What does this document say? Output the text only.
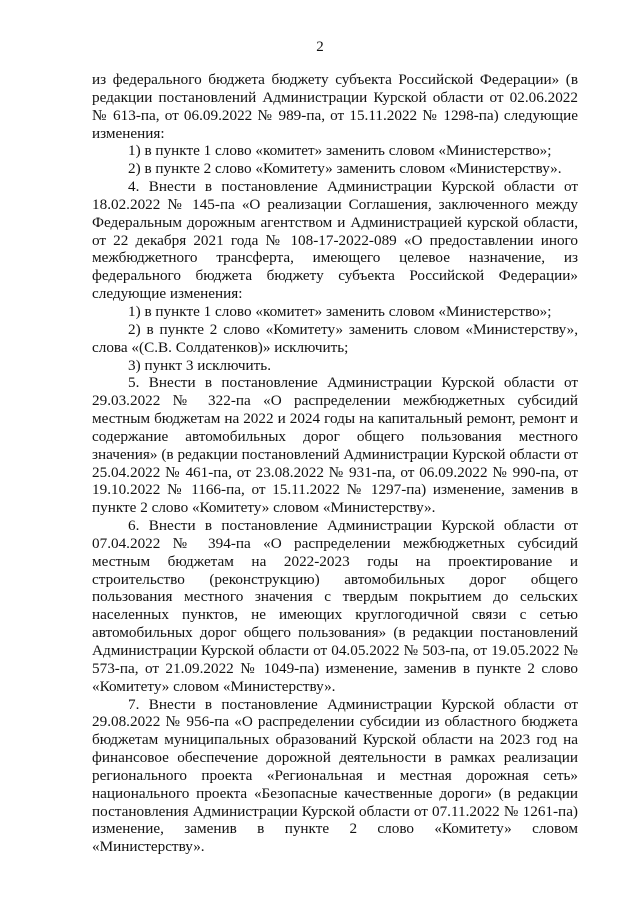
2

из федерального бюджета бюджету субъекта Российской Федерации» (в редакции постановлений Администрации Курской области от 02.06.2022 № 613-па, от 06.09.2022 № 989-па, от 15.11.2022 № 1298-па) следующие изменения:

1) в пункте 1 слово «комитет» заменить словом «Министерство»;

2) в пункте 2 слово «Комитету» заменить словом «Министерству».

4. Внести в постановление Администрации Курской области от 18.02.2022 № 145-па «О реализации Соглашения, заключенного между Федеральным дорожным агентством и Администрацией курской области, от 22 декабря 2021 года № 108-17-2022-089 «О предоставлении иного межбюджетного трансферта, имеющего целевое назначение, из федерального бюджета бюджету субъекта Российской Федерации» следующие изменения:

1) в пункте 1 слово «комитет» заменить словом «Министерство»;

2) в пункте 2 слово «Комитету» заменить словом «Министерству», слова «(С.В. Солдатенков)» исключить;

3) пункт 3 исключить.

5. Внести в постановление Администрации Курской области от 29.03.2022 № 322-па «О распределении межбюджетных субсидий местным бюджетам на 2022 и 2024 годы на капитальный ремонт, ремонт и содержание автомобильных дорог общего пользования местного значения» (в редакции постановлений Администрации Курской области от 25.04.2022 № 461-па, от 23.08.2022 № 931-па, от 06.09.2022 № 990-па, от 19.10.2022 № 1166-па, от 15.11.2022 № 1297-па) изменение, заменив в пункте 2 слово «Комитету» словом «Министерству».

6. Внести в постановление Администрации Курской области от 07.04.2022 № 394-па «О распределении межбюджетных субсидий местным бюджетам на 2022-2023 годы на проектирование и строительство (реконструкцию) автомобильных дорог общего пользования местного значения с твердым покрытием до сельских населенных пунктов, не имеющих круглогодичной связи с сетью автомобильных дорог общего пользования» (в редакции постановлений Администрации Курской области от 04.05.2022 № 503-па, от 19.05.2022 № 573-па, от 21.09.2022 № 1049-па) изменение, заменив в пункте 2 слово «Комитету» словом «Министерству».

7. Внести в постановление Администрации Курской области от 29.08.2022 № 956-па «О распределении субсидии из областного бюджета бюджетам муниципальных образований Курской области на 2023 год на финансовое обеспечение дорожной деятельности в рамках реализации регионального проекта «Региональная и местная дорожная сеть» национального проекта «Безопасные качественные дороги» (в редакции постановления Администрации Курской области от 07.11.2022 № 1261-па) изменение, заменив в пункте 2 слово «Комитету» словом «Министерству».
